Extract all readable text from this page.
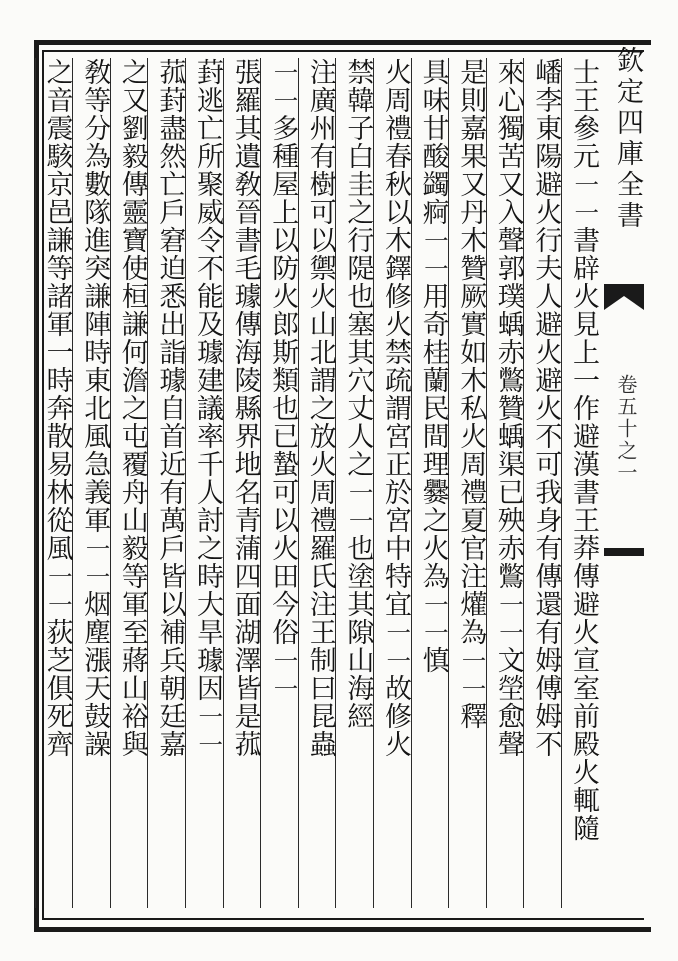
士王參元㇐㇐書辟火見上一作避漢書王莽傳避火宣室前殿火輒隨
嶓李東陽避火行夫人避火避火不可我身有傳還有姆傅姆不
來心獨苦又入聲郭璞蝺赤鷩贊蝺渠已殃赤鷩㇐㇐文塋愈聲
是則嘉果又丹木贊厥實如木私火周禮夏官注爟為㇐㇐釋
具味甘酸蠲痾㇐㇐用奇桂蘭民間理爨之火為㇐㇐慎
火周禮春秋以木鐸修火禁疏謂宮正於宮中特宜㇐㇐故修火
禁韓子白圭之行隄也塞其穴丈人之㇐㇐也塗其隙山海經
注廣州有樹可以禦火山北謂之放火周禮羅氏注王制曰昆蟲
㇐㇐多種屋上以防火郎斯類也已蟄可以火田今俗㇐㇐
張羅其遺敎晉書毛璩傳海陵縣界地名青蒲四面湖澤皆是菰
葑逃亡所聚威令不能及璩建議率千人討之時大旱璩因㇐㇐
菰葑盡然亡戶窘迫悉出詣璩自首近有萬戶皆以補兵朝廷嘉
之又劉毅傳靈寶使桓謙何澹之屯覆舟山毅等軍至蔣山裕與
敎等分為數隊進突謙陣時東北風急義軍㇐㇐烟塵漲天鼓譟
之音震駭京邑謙等諸軍一時奔散易林從風㇐㇐荻芝俱死齊	欽定四庫全書
卷五十之一
